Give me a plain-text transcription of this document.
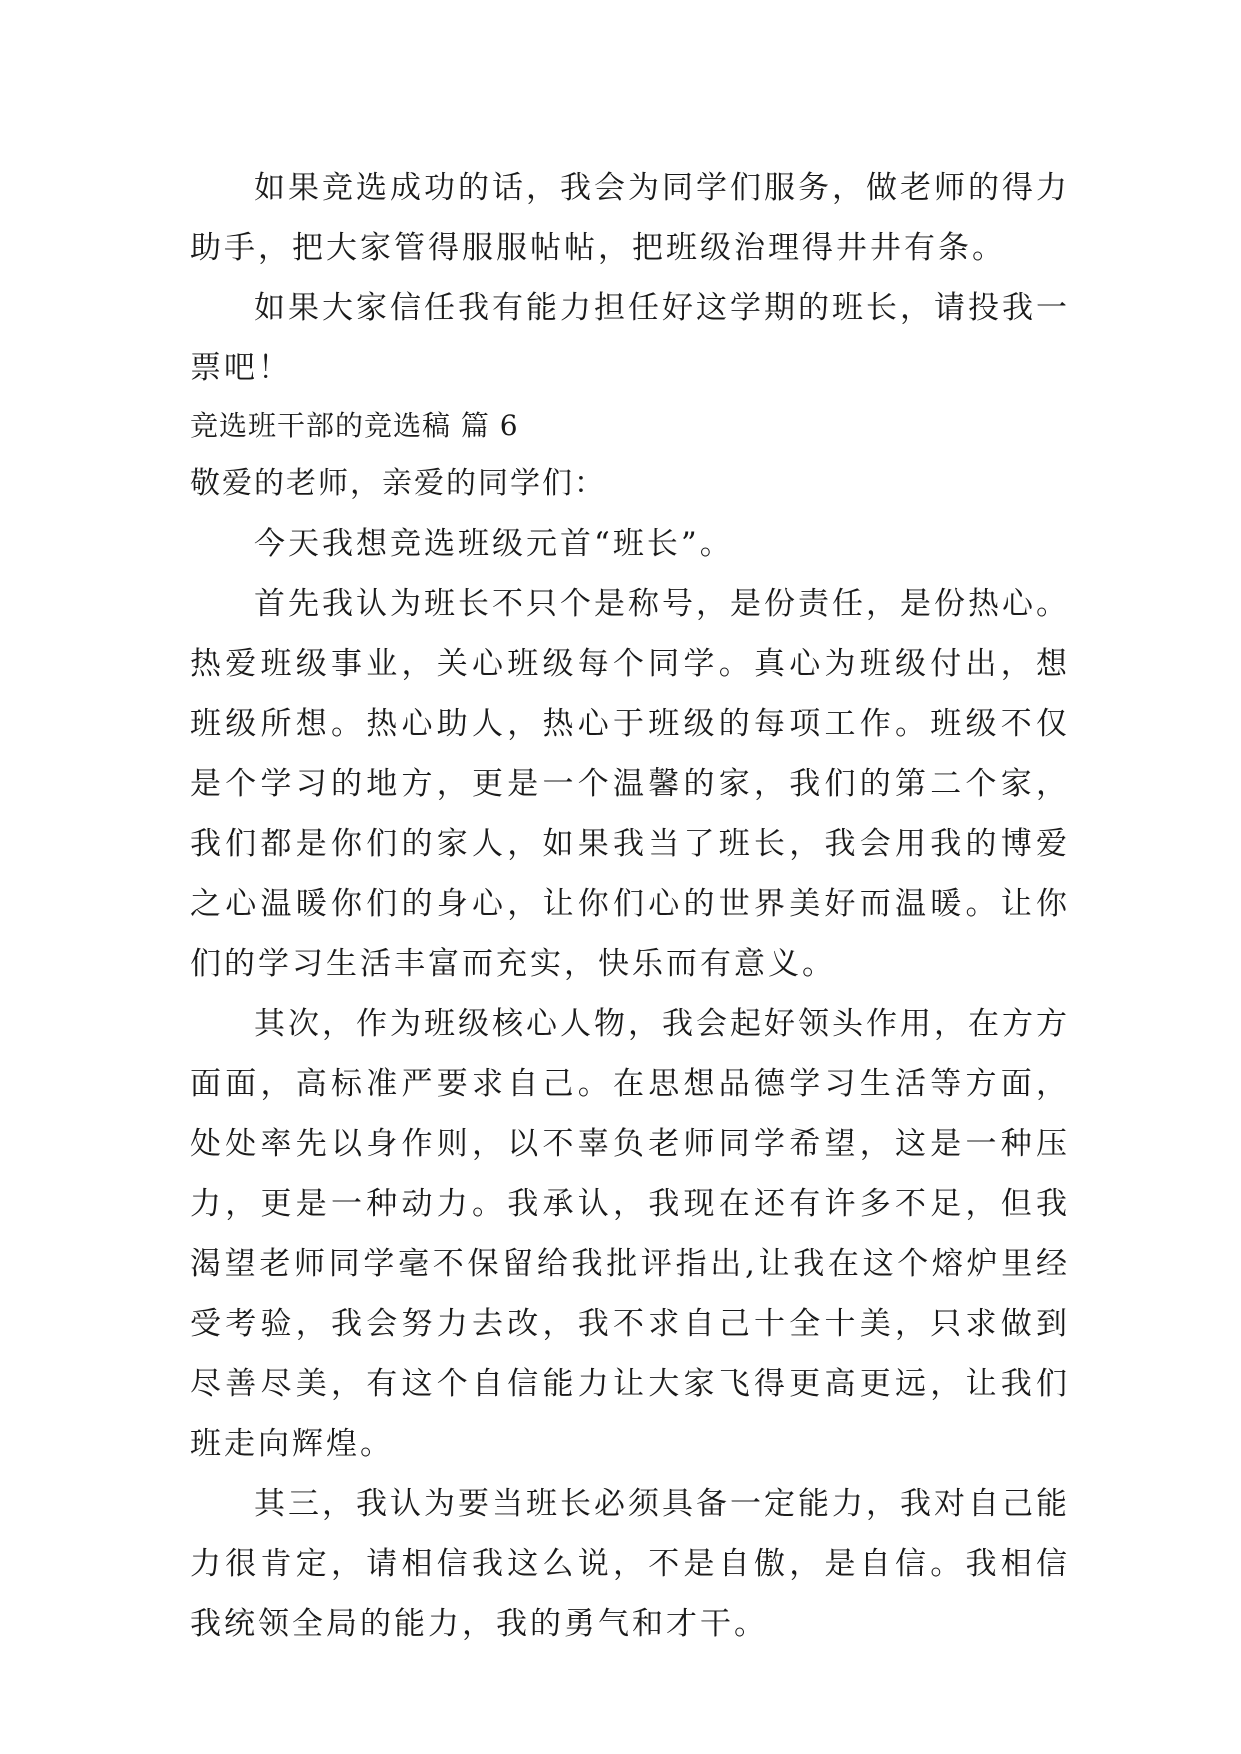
如果竞选成功的话，我会为同学们服务，做老师的得力助手，把大家管得服服帖帖，把班级治理得井井有条。

如果大家信任我有能力担任好这学期的班长，请投我一票吧！

竞选班干部的竞选稿 篇 6

敬爱的老师，亲爱的同学们：

今天我想竞选班级元首“班长”。

首先我认为班长不只个是称号，是份责任，是份热心。热爱班级事业，关心班级每个同学。真心为班级付出，想班级所想。热心助人，热心于班级的每项工作。班级不仅是个学习的地方，更是一个温馨的家，我们的第二个家，我们都是你们的家人，如果我当了班长，我会用我的博爱之心温暖你们的身心，让你们心的世界美好而温暖。让你们的学习生活丰富而充实，快乐而有意义。

其次，作为班级核心人物，我会起好领头作用，在方方面面，高标准严要求自己。在思想品德学习生活等方面，处处率先以身作则，以不辜负老师同学希望，这是一种压力，更是一种动力。我承认，我现在还有许多不足，但我渴望老师同学毫不保留给我批评指出,让我在这个熔炉里经受考验，我会努力去改，我不求自己十全十美，只求做到尽善尽美，有这个自信能力让大家飞得更高更远，让我们班走向辉煌。

其三，我认为要当班长必须具备一定能力，我对自己能力很肯定，请相信我这么说，不是自傲，是自信。我相信我统领全局的能力，我的勇气和才干。
